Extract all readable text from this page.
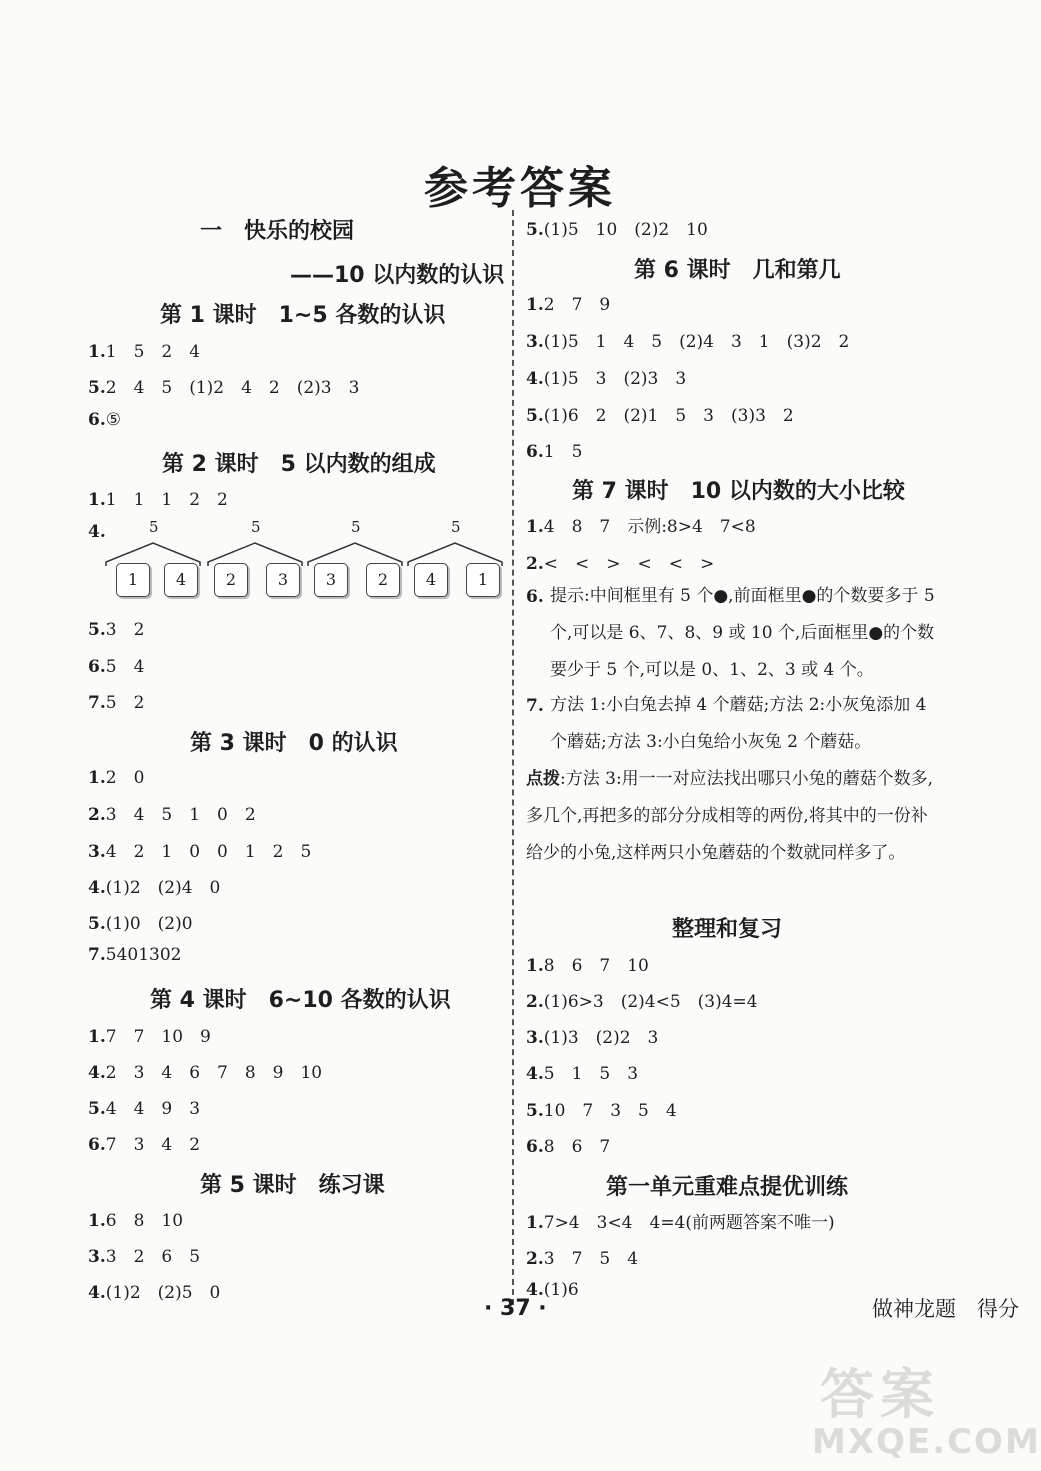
参考答案
一　快乐的校园
——10 以内数的认识
第 1 课时　1~5 各数的认识
1.1　5　2　4
5.2　4　5　(1)2　4　2　(2)3　3
6.⑤
第 2 课时　5 以内数的组成
1.1　1　1　2　2
4.	5	5	5	5
1	4	2	3	3	2	4	1
5.3　2
6.5　4
7.5　2
第 3 课时　0 的认识
1.2　0
2.3　4　5　1　0　2
3.4　2　1　0　0　1　2　5
4.(1)2　(2)4　0
5.(1)0　(2)0
7.5401302
第 4 课时　6~10 各数的认识
1.7　7　10　9
4.2　3　4　6　7　8　9　10
5.4　4　9　3
6.7　3　4　2
第 5 课时　练习课
1.6　8　10
3.3　2　6　5
4.(1)2　(2)5　0
5.(1)5　10　(2)2　10
第 6 课时　几和第几
1.2　7　9
3.(1)5　1　4　5　(2)4　3　1　(3)2　2
4.(1)5　3　(2)3　3
5.(1)6　2　(2)1　5　3　(3)3　2
6.1　5
第 7 课时　10 以内数的大小比较
1.4　8　7　示例:8>4　7<8
2.<　<　>　<　<　>
6. 提示:中间框里有 5 个●,前面框里●的个数要多于 5 个,可以是 6、7、8、9 或 10 个,后面框里●的个数要少于 5 个,可以是 0、1、2、3 或 4 个。
7. 方法 1:小白兔去掉 4 个蘑菇;方法 2:小灰兔添加 4 个蘑菇;方法 3:小白兔给小灰兔 2 个蘑菇。
点拨:方法 3:用一一对应法找出哪只小兔的蘑菇个数多,多几个,再把多的部分分成相等的两份,将其中的一份补给少的小兔,这样两只小兔蘑菇的个数就同样多了。
整理和复习
1.8　6　7　10
2.(1)6>3　(2)4<5　(3)4=4
3.(1)3　(2)2　3
4.5　1　5　3
5.10　7　3　5　4
6.8　6　7
第一单元重难点提优训练
1.7>4　3<4　4=4(前两题答案不唯一)
2.3　7　5　4
4.(1)6
· 37 ·	做神龙题　得分
答案
MXQE.COM
